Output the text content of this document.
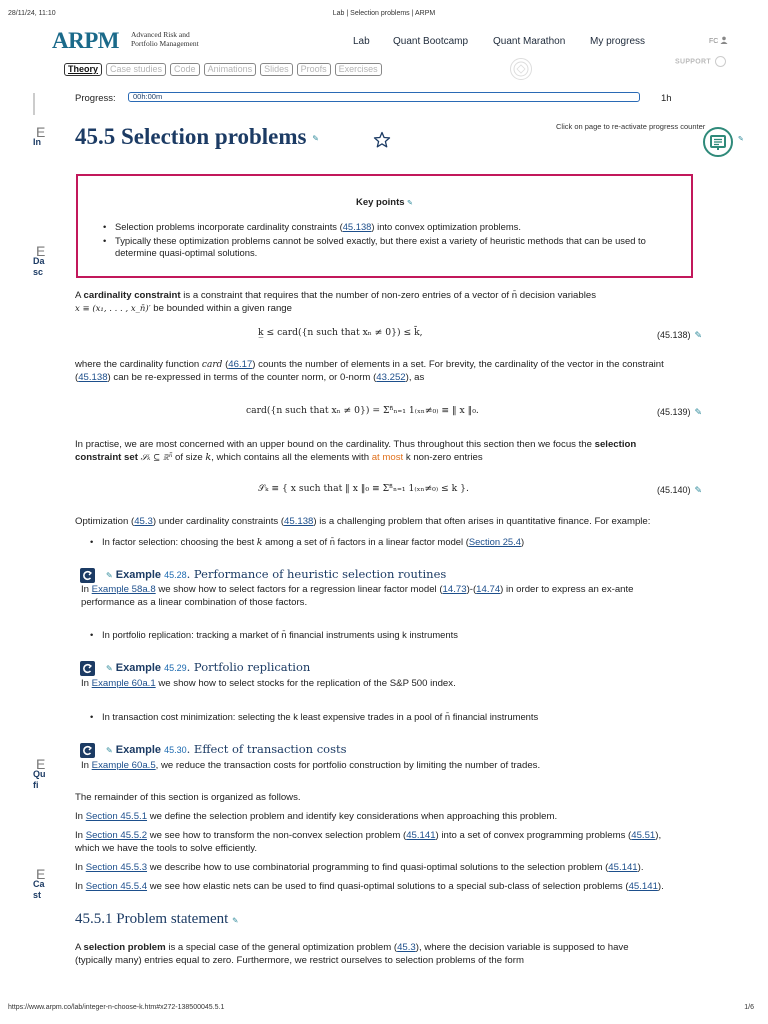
28/11/24, 11:10	Lab | Selection problems | ARPM
https://www.arpm.co/lab/integer-n-choose-k.htm#x272-138500045.5.1	1/6
ARPM Advanced Risk and
Portfolio Management	Lab Quant Bootcamp Quant Marathon My progress	FC
SUPPORT
Theory Case studies Code Animations Slides Proofs Exercises
E
In
E
Da
sc
E
Qu
fi
E
Ca
st
Progress: 00h:00m	1h
Click on page to re-activate progress counter
✎
45.5 Selection problems ✎
Key points ✎
• Selection problems incorporate cardinality constraints (45.138) into convex optimization problems.
• Typically these optimization problems cannot be solved exactly, but there exist a variety of heuristic methods that can be used to determine quasi-optimal solutions.
A cardinality constraint is a constraint that requires that the number of non-zero entries of a vector of n̄ decision variables
x ≡ (x₁, . . . , x_n̄)′ be bounded within a given range
k̲ ≤ card({n such that xₙ ≠ 0}) ≤ k̄,	(45.138) ✎
where the cardinality function card (46.17) counts the number of elements in a set. For brevity, the cardinality of the vector in the constraint (45.138) can be re-expressed in terms of the counter norm, or 0-norm (43.252), as
card({n such that xₙ ≠ 0}) = Σⁿ̄ₙ₌₁ 1₍ₓₙ≠₀₎ ≡ ‖ x ‖₀.	(45.139) ✎
In practise, we are most concerned with an upper bound on the cardinality. Thus throughout this section then we focus the selection
constraint set 𝒮ₖ ⊆ ℝⁿ̄ of size k, which contains all the elements with at most k non-zero entries
𝒮ₖ ≡ { x such that ‖ x ‖₀ ≡ Σⁿ̄ₙ₌₁ 1₍ₓₙ≠₀₎ ≤ k }.	(45.140) ✎
Optimization (45.3) under cardinality constraints (45.138) is a challenging problem that often arises in quantitative finance. For example:
• In factor selection: choosing the best k among a set of n̄ factors in a linear factor model (Section 25.4)
✎ Example 45.28. Performance of heuristic selection routines
In Example 58a.8 we show how to select factors for a regression linear factor model (14.73)-(14.74) in order to express an ex-ante
performance as a linear combination of those factors.
• In portfolio replication: tracking a market of n̄ financial instruments using k instruments
✎ Example 45.29. Portfolio replication
In Example 60a.1 we show how to select stocks for the replication of the S&P 500 index.
• In transaction cost minimization: selecting the k least expensive trades in a pool of n̄ financial instruments
✎ Example 45.30. Effect of transaction costs
In Example 60a.5, we reduce the transaction costs for portfolio construction by limiting the number of trades.
The remainder of this section is organized as follows.
In Section 45.5.1 we define the selection problem and identify key considerations when approaching this problem.
In Section 45.5.2 we see how to transform the non-convex selection problem (45.141) into a set of convex programming problems (45.51),
which we have the tools to solve efficiently.
In Section 45.5.3 we describe how to use combinatorial programming to find quasi-optimal solutions to the selection problem (45.141).
In Section 45.5.4 we see how elastic nets can be used to find quasi-optimal solutions to a special sub-class of selection problems (45.141).
45.5.1 Problem statement ✎
A selection problem is a special case of the general optimization problem (45.3), where the decision variable is supposed to have
(typically many) entries equal to zero. Furthermore, we restrict ourselves to selection problems of the form
